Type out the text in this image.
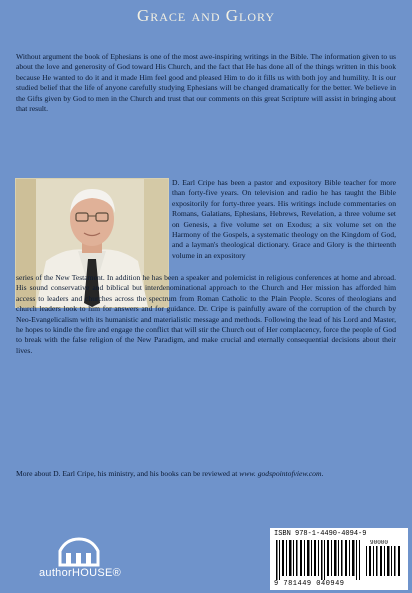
Grace and Glory

Without argument the book of Ephesians is one of the most awe-inspiring writings in the Bible. The information given to us about the love and generosity of God toward His Church, and the fact that He has done all of the things written in this book because He wanted to do it and it made Him feel good and pleased Him to do it fills us with both joy and humility. It is our studied belief that the life of anyone carefully studying Ephesians will be changed dramatically for the better. We believe in the Gifts given by God to men in the Church and trust that our comments on this great Scripture will assist in bringing about that result.

D. Earl Cripe has been a pastor and expository Bible teacher for more than forty-five years. On television and radio he has taught the Bible expositorily for forty-three years. His writings include commentaries on Romans, Galatians, Ephesians, Hebrews, Revelation, a three volume set on Genesis, a five volume set on Exodus; a six volume set on the Harmony of the Gospels, a systematic theology on the Kingdom of God, and a layman's theological dictionary. Grace and Glory is the thirteenth volume in an expository

series of the New Testament. In addition he has been a speaker and polemicist in religious conferences at home and abroad. His sound conservative and biblical but interdenominational approach to the Church and Her mission has afforded him access to leaders and churches across the spectrum from Roman Catholic to the Plain People. Scores of theologians and church leaders look to him for answers and for guidance. Dr. Cripe is painfully aware of the corruption of the church by Neo-Evangelicalism with its humanistic and materialistic message and methods. Following the lead of his Lord and Master, he hopes to kindle the fire and engage the conflict that will stir the Church out of Her complacency, force the people of God to break with the false religion of the New Paradigm, and make crucial and eternally consequential decisions about their lives.

More about D. Earl Cripe, his ministry, and his books can be reviewed at www. godspointofview.com.

authorHOUSE®
ISBN 978-1-4490-4094-9
90000
9 781449 040949
